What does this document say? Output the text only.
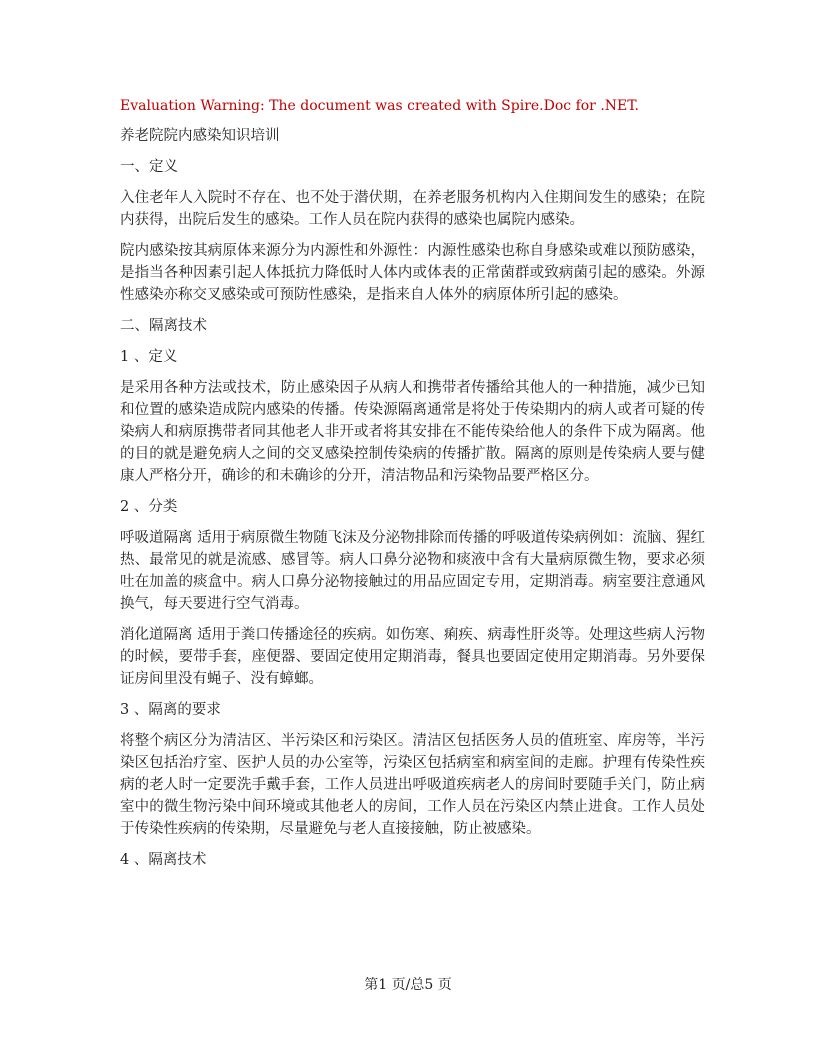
Evaluation Warning: The document was created with Spire.Doc for .NET.
养老院院内感染知识培训
一、定义
入住老年人入院时不存在、也不处于潜伏期，在养老服务机构内入住期间发生的感染；在院内获得，出院后发生的感染。工作人员在院内获得的感染也属院内感染。
院内感染按其病原体来源分为内源性和外源性：内源性感染也称自身感染或难以预防感染，是指当各种因素引起人体抵抗力降低时人体内或体表的正常菌群或致病菌引起的感染。外源性感染亦称交叉感染或可预防性感染，是指来自人体外的病原体所引起的感染。
二、隔离技术
1 、定义
是采用各种方法或技术，防止感染因子从病人和携带者传播给其他人的一种措施，减少已知和位置的感染造成院内感染的传播。传染源隔离通常是将处于传染期内的病人或者可疑的传染病人和病原携带者同其他老人非开或者将其安排在不能传染给他人的条件下成为隔离。他的目的就是避免病人之间的交叉感染控制传染病的传播扩散。隔离的原则是传染病人要与健康人严格分开，确诊的和未确诊的分开，清洁物品和污染物品要严格区分。
2 、分类
呼吸道隔离 适用于病原微生物随飞沫及分泌物排除而传播的呼吸道传染病例如：流脑、猩红热、最常见的就是流感、感冒等。病人口鼻分泌物和痰液中含有大量病原微生物，要求必须吐在加盖的痰盒中。病人口鼻分泌物接触过的用品应固定专用，定期消毒。病室要注意通风换气，每天要进行空气消毒。
消化道隔离 适用于粪口传播途径的疾病。如伤寒、痢疾、病毒性肝炎等。处理这些病人污物的时候，要带手套，座便器、要固定使用定期消毒，餐具也要固定使用定期消毒。另外要保证房间里没有蝇子、没有蟑螂。
3 、隔离的要求
将整个病区分为清洁区、半污染区和污染区。清洁区包括医务人员的值班室、库房等，半污染区包括治疗室、医护人员的办公室等，污染区包括病室和病室间的走廊。护理有传染性疾病的老人时一定要洗手戴手套，工作人员进出呼吸道疾病老人的房间时要随手关门，防止病室中的微生物污染中间环境或其他老人的房间，工作人员在污染区内禁止进食。工作人员处于传染性疾病的传染期，尽量避免与老人直接接触，防止被感染。
4 、隔离技术
第1 页/总5 页
